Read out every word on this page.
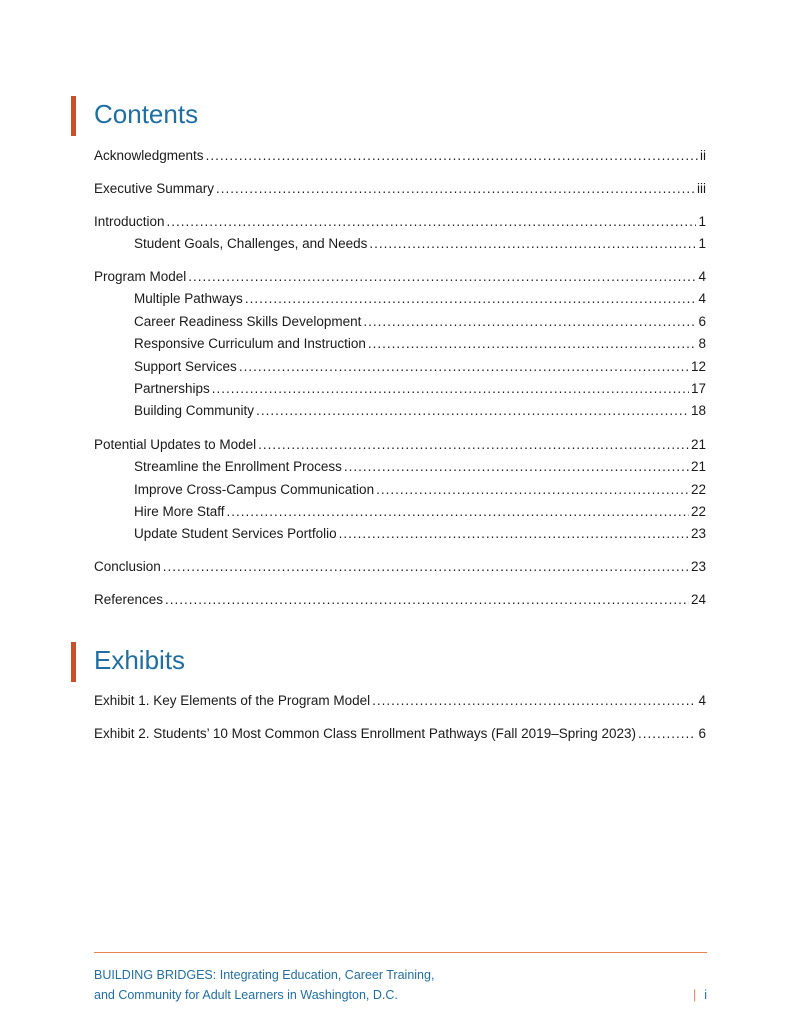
Contents
Acknowledgments .....	ii
Executive Summary .....	iii
Introduction .....	1
Student Goals, Challenges, and Needs .....	1
Program Model .....	4
Multiple Pathways .....	4
Career Readiness Skills Development .....	6
Responsive Curriculum and Instruction .....	8
Support Services .....	12
Partnerships .....	17
Building Community .....	18
Potential Updates to Model .....	21
Streamline the Enrollment Process .....	21
Improve Cross-Campus Communication .....	22
Hire More Staff .....	22
Update Student Services Portfolio .....	23
Conclusion .....	23
References .....	24
Exhibits
Exhibit 1. Key Elements of the Program Model .....	4
Exhibit 2. Students’ 10 Most Common Class Enrollment Pathways (Fall 2019–Spring 2023) .....	6
BUILDING BRIDGES: Integrating Education, Career Training,
and Community for Adult Learners in Washington, D.C.	| i
